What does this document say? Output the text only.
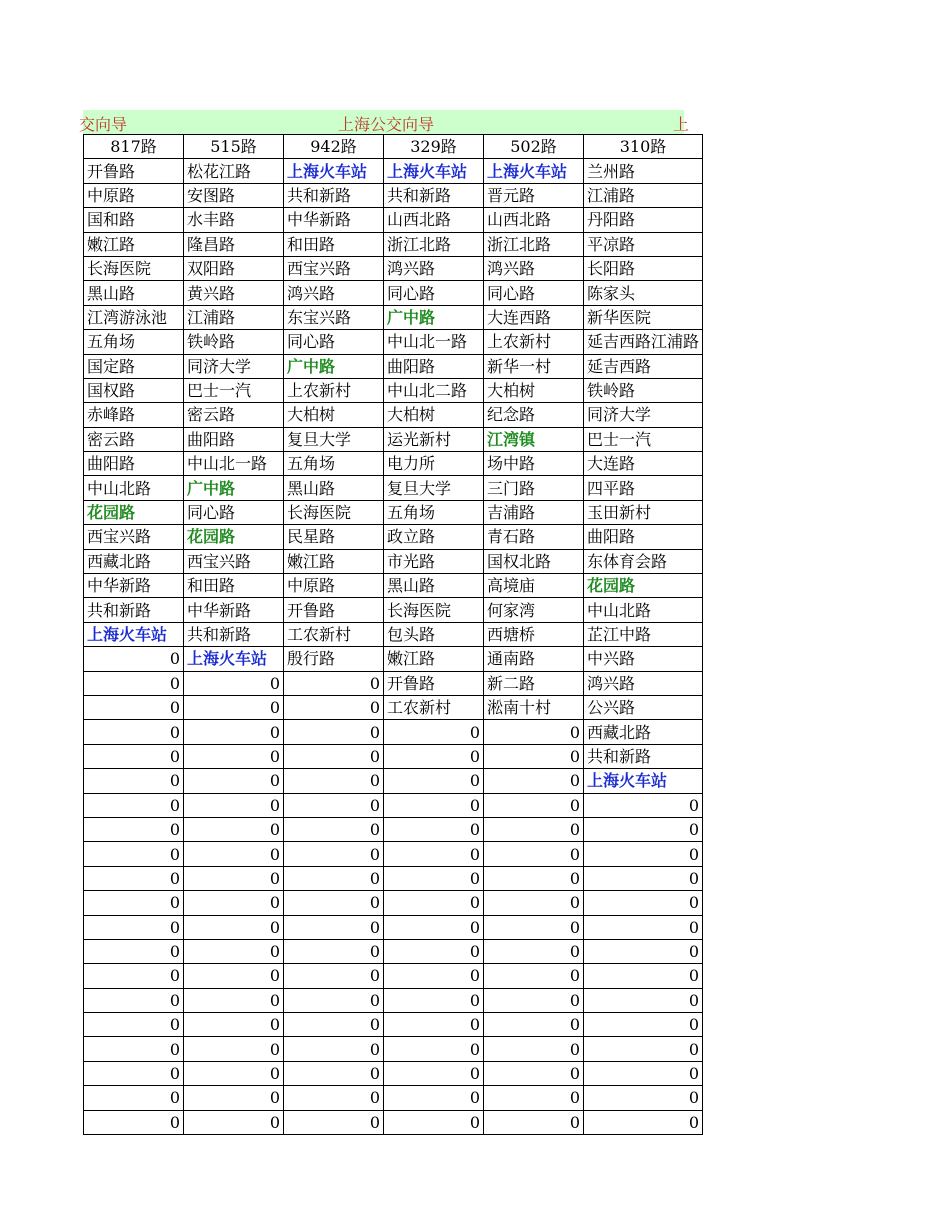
交向导	上海公交向导	上
817路	515路	942路	329路	502路	310路
开鲁路	松花江路	上海火车站	上海火车站	上海火车站	兰州路
中原路	安图路	共和新路	共和新路	晋元路	江浦路
国和路	水丰路	中华新路	山西北路	山西北路	丹阳路
嫩江路	隆昌路	和田路	浙江北路	浙江北路	平凉路
长海医院	双阳路	西宝兴路	鸿兴路	鸿兴路	长阳路
黑山路	黄兴路	鸿兴路	同心路	同心路	陈家头
江湾游泳池	江浦路	东宝兴路	广中路	大连西路	新华医院
五角场	铁岭路	同心路	中山北一路	上农新村	延吉西路江浦路
国定路	同济大学	广中路	曲阳路	新华一村	延吉西路
国权路	巴士一汽	上农新村	中山北二路	大柏树	铁岭路
赤峰路	密云路	大柏树	大柏树	纪念路	同济大学
密云路	曲阳路	复旦大学	运光新村	江湾镇	巴士一汽
曲阳路	中山北一路	五角场	电力所	场中路	大连路
中山北路	广中路	黑山路	复旦大学	三门路	四平路
花园路	同心路	长海医院	五角场	吉浦路	玉田新村
西宝兴路	花园路	民星路	政立路	青石路	曲阳路
西藏北路	西宝兴路	嫩江路	市光路	国权北路	东体育会路
中华新路	和田路	中原路	黑山路	高境庙	花园路
共和新路	中华新路	开鲁路	长海医院	何家湾	中山北路
上海火车站	共和新路	工农新村	包头路	西塘桥	芷江中路
0	上海火车站	殷行路	嫩江路	通南路	中兴路
0	0	0	开鲁路	新二路	鸿兴路
0	0	0	工农新村	淞南十村	公兴路
0	0	0	0	0	西藏北路
0	0	0	0	0	共和新路
0	0	0	0	0	上海火车站
0	0	0	0	0	0
0	0	0	0	0	0
0	0	0	0	0	0
0	0	0	0	0	0
0	0	0	0	0	0
0	0	0	0	0	0
0	0	0	0	0	0
0	0	0	0	0	0
0	0	0	0	0	0
0	0	0	0	0	0
0	0	0	0	0	0
0	0	0	0	0	0
0	0	0	0	0	0
0	0	0	0	0	0
